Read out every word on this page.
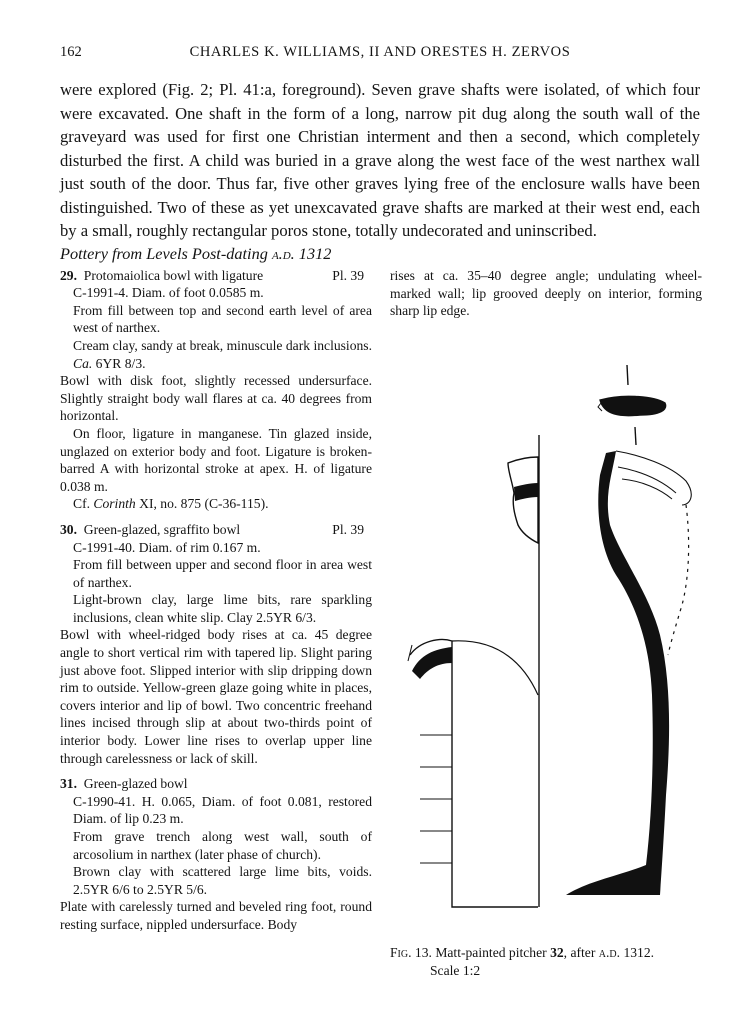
162	CHARLES K. WILLIAMS, II AND ORESTES H. ZERVOS

were explored (Fig. 2; Pl. 41:a, foreground). Seven grave shafts were isolated, of which four were excavated. One shaft in the form of a long, narrow pit dug along the south wall of the graveyard was used for first one Christian interment and then a second, which completely disturbed the first. A child was buried in a grave along the west face of the west narthex wall just south of the door. Thus far, five other graves lying free of the enclosure walls have been distinguished. Two of these as yet unexcavated grave shafts are marked at their west end, each by a small, roughly rectangular poros stone, totally undecorated and uninscribed.

Pottery from Levels Post-dating a.d. 1312

29. Protomaiolica bowl with ligature	Pl. 39

C-1991-4. Diam. of foot 0.0585 m.

From fill between top and second earth level of area west of narthex.

Cream clay, sandy at break, minuscule dark inclusions. Ca. 6YR 8/3.

Bowl with disk foot, slightly recessed undersurface. Slightly straight body wall flares at ca. 40 degrees from horizontal.

On floor, ligature in manganese. Tin glazed inside, unglazed on exterior body and foot. Ligature is broken-barred A with horizontal stroke at apex. H. of ligature 0.038 m.

Cf. Corinth XI, no. 875 (C-36-115).

30. Green-glazed, sgraffito bowl	Pl. 39

C-1991-40. Diam. of rim 0.167 m.

From fill between upper and second floor in area west of narthex.

Light-brown clay, large lime bits, rare sparkling inclusions, clean white slip. Clay 2.5YR 6/3.

Bowl with wheel-ridged body rises at ca. 45 degree angle to short vertical rim with tapered lip. Slight paring just above foot. Slipped interior with slip dripping down rim to outside. Yellow-green glaze going white in places, covers interior and lip of bowl. Two concentric freehand lines incised through slip at about two-thirds point of interior body. Lower line rises to overlap upper line through carelessness or lack of skill.

31. Green-glazed bowl

C-1990-41. H. 0.065, Diam. of foot 0.081, restored Diam. of lip 0.23 m.

From grave trench along west wall, south of arcosolium in narthex (later phase of church).

Brown clay with scattered large lime bits, voids. 2.5YR 6/6 to 2.5YR 5/6.

Plate with carelessly turned and beveled ring foot, round resting surface, nippled undersurface. Body

rises at ca. 35–40 degree angle; undulating wheel-marked wall; lip grooved deeply on interior, forming sharp lip edge.

Fig. 13. Matt-painted pitcher 32, after a.d. 1312.
Scale 1:2
